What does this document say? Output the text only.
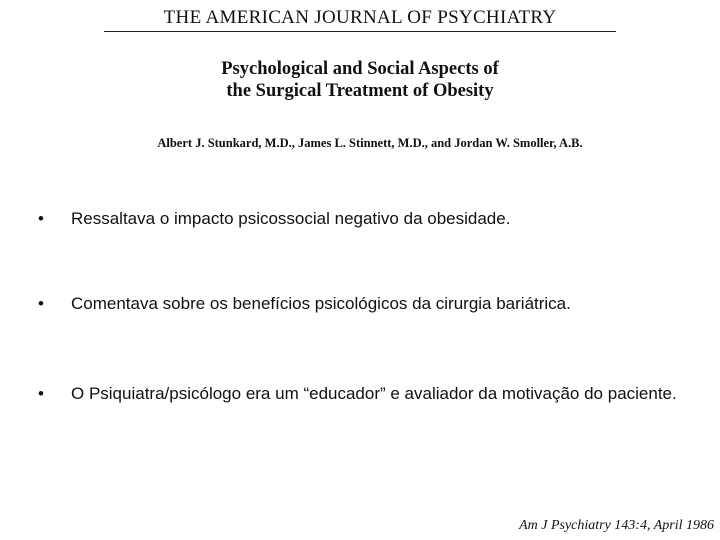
THE AMERICAN JOURNAL OF PSYCHIATRY
Psychological and Social Aspects of
the Surgical Treatment of Obesity
Albert J. Stunkard, M.D., James L. Stinnett, M.D., and Jordan W. Smoller, A.B.
•	Ressaltava o impacto psicossocial negativo da obesidade.
•	Comentava sobre os benefícios psicológicos da cirurgia bariátrica.
•	O Psiquiatra/psicólogo era um “educador” e avaliador da motivação do paciente.
Am J Psychiatry 143:4, April 1986
